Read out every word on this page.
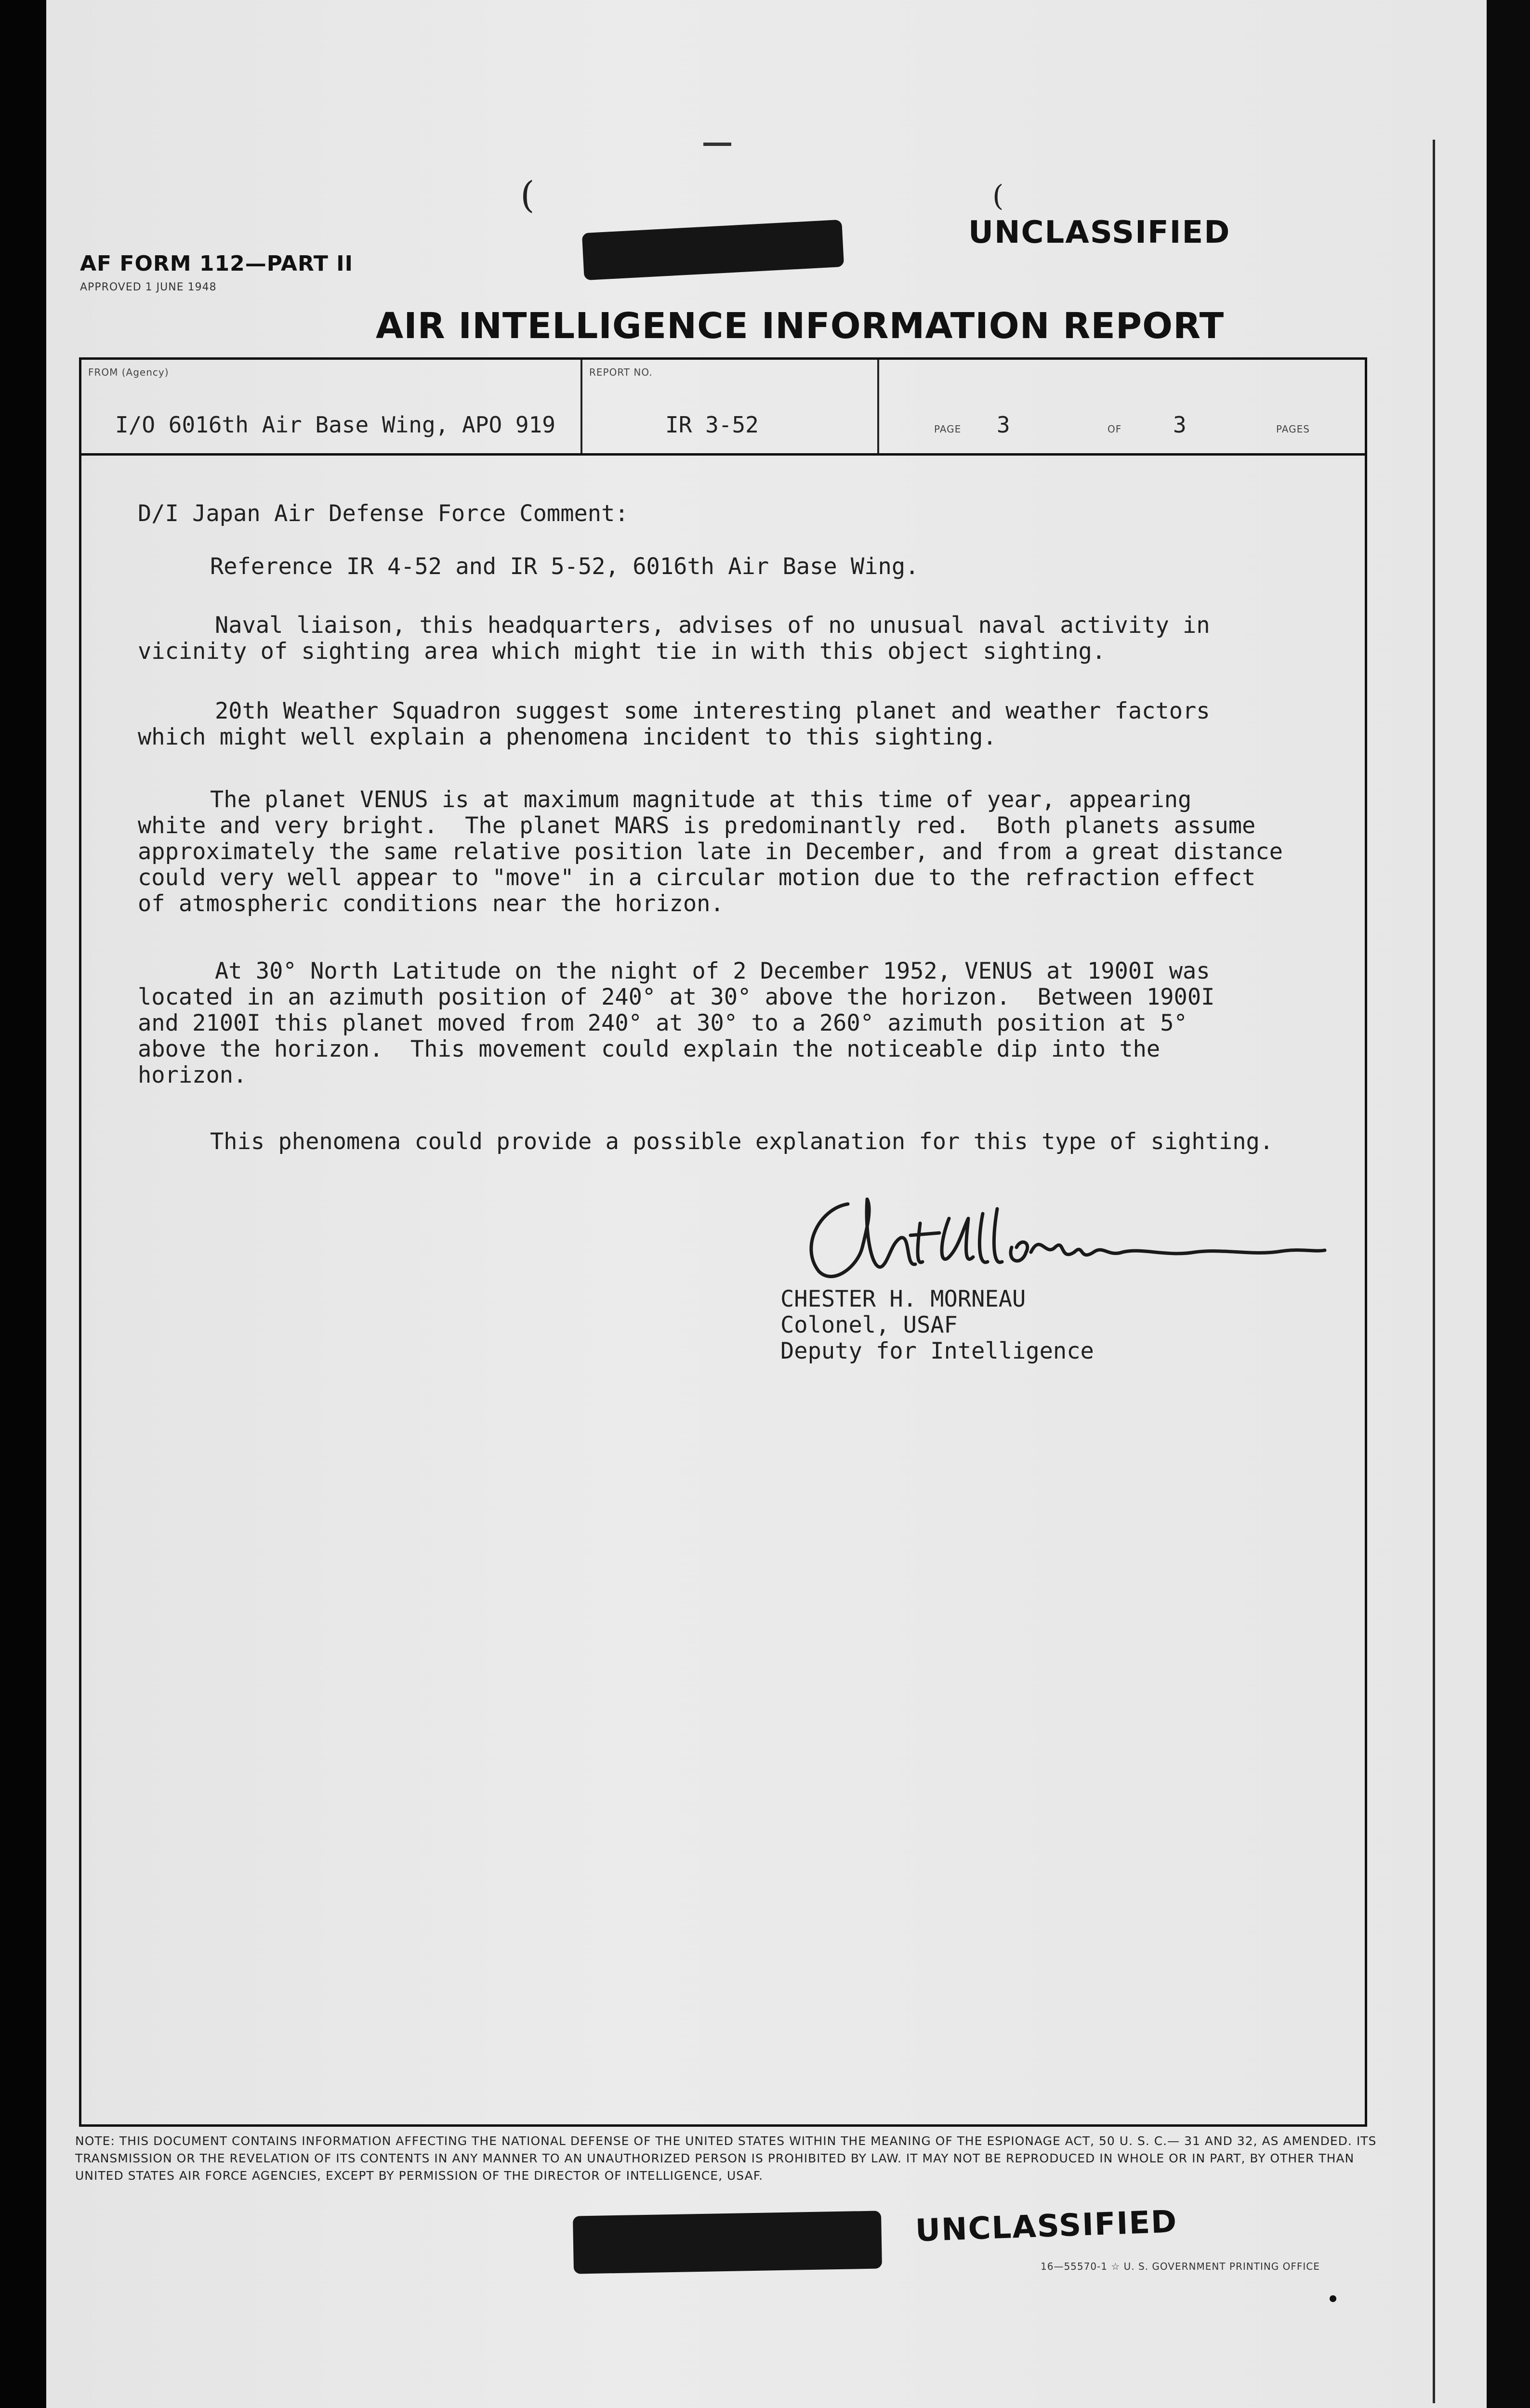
(	(
AF FORM 112—PART II
APPROVED 1 JUNE 1948
UNCLASSIFIED
AIR INTELLIGENCE INFORMATION REPORT
FROM (Agency)
I/O 6016th Air Base Wing, APO 919
REPORT NO.
IR 3-52	PAGE 3	OF 3	PAGES
D/I Japan Air Defense Force Comment:
Reference IR 4-52 and IR 5-52, 6016th Air Base Wing.
Naval liaison, this headquarters, advises of no unusual naval activity in
vicinity of sighting area which might tie in with this object sighting.
20th Weather Squadron suggest some interesting planet and weather factors
which might well explain a phenomena incident to this sighting.
The planet VENUS is at maximum magnitude at this time of year, appearing
white and very bright.  The planet MARS is predominantly red.  Both planets assume
approximately the same relative position late in December, and from a great distance
could very well appear to "move" in a circular motion due to the refraction effect
of atmospheric conditions near the horizon.
At 30° North Latitude on the night of 2 December 1952, VENUS at 1900I was
located in an azimuth position of 240° at 30° above the horizon.  Between 1900I
and 2100I this planet moved from 240° at 30° to a 260° azimuth position at 5°
above the horizon.  This movement could explain the noticeable dip into the
horizon.
This phenomena could provide a possible explanation for this type of sighting.
CHESTER H. MORNEAU
Colonel, USAF
Deputy for Intelligence
NOTE: THIS DOCUMENT CONTAINS INFORMATION AFFECTING THE NATIONAL DEFENSE OF THE UNITED STATES WITHIN THE MEANING OF THE ESPIONAGE ACT, 50 U. S. C.— 31 AND 32, AS AMENDED. ITS TRANSMISSION OR THE REVELATION OF ITS CONTENTS IN ANY MANNER TO AN UNAUTHORIZED PERSON IS PROHIBITED BY LAW. IT MAY NOT BE REPRODUCED IN WHOLE OR IN PART, BY OTHER THAN UNITED STATES AIR FORCE AGENCIES, EXCEPT BY PERMISSION OF THE DIRECTOR OF INTELLIGENCE, USAF.
UNCLASSIFIED
16—55570-1 ☆ U. S. GOVERNMENT PRINTING OFFICE
